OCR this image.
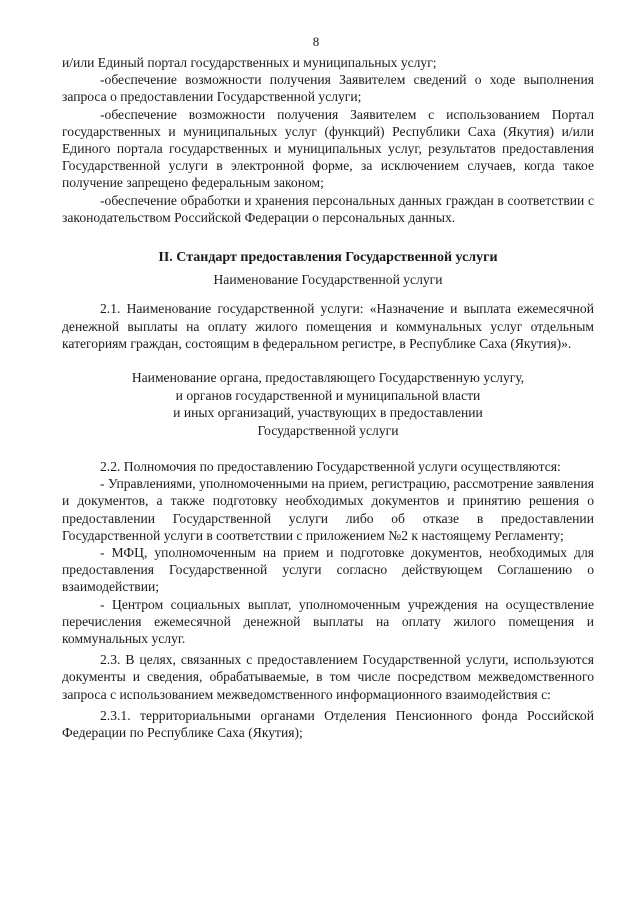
8

и/или Единый портал государственных и муниципальных услуг;

-обеспечение возможности получения Заявителем сведений о ходе выполнения запроса о предоставлении Государственной услуги;

-обеспечение возможности получения Заявителем с использованием Портал государственных и муниципальных услуг (функций) Республики Саха (Якутия) и/или Единого портала государственных и муниципальных услуг, результатов предоставления Государственной услуги в электронной форме, за исключением случаев, когда такое получение запрещено федеральным законом;

-обеспечение обработки и хранения персональных данных граждан в соответствии с законодательством Российской Федерации о персональных данных.

II. Стандарт предоставления Государственной услуги
Наименование Государственной услуги

2.1. Наименование государственной услуги: «Назначение и выплата ежемесячной денежной выплаты на оплату жилого помещения и коммунальных услуг отдельным категориям граждан, состоящим в федеральном регистре, в Республике Саха (Якутия)».

Наименование органа, предоставляющего Государственную услугу,
и органов государственной и муниципальной власти
и иных организаций, участвующих в предоставлении
Государственной услуги

2.2. Полномочия по предоставлению Государственной услуги осуществляются:

- Управлениями, уполномоченными на прием, регистрацию, рассмотрение заявления и документов, а также подготовку необходимых документов и принятию решения о предоставлении Государственной услуги либо об отказе в предоставлении Государственной услуги в соответствии с приложением №2 к настоящему Регламенту;

- МФЦ, уполномоченным на прием и подготовке документов, необходимых для предоставления Государственной услуги согласно действующем Соглашению о взаимодействии;

- Центром социальных выплат, уполномоченным учреждения на осуществление перечисления ежемесячной денежной выплаты на оплату жилого помещения и коммунальных услуг.

2.3. В целях, связанных с предоставлением Государственной услуги, используются документы и сведения, обрабатываемые, в том числе посредством межведомственного запроса с использованием межведомственного информационного взаимодействия с:

2.3.1. территориальными органами Отделения Пенсионного фонда Российской Федерации по Республике Саха (Якутия);
